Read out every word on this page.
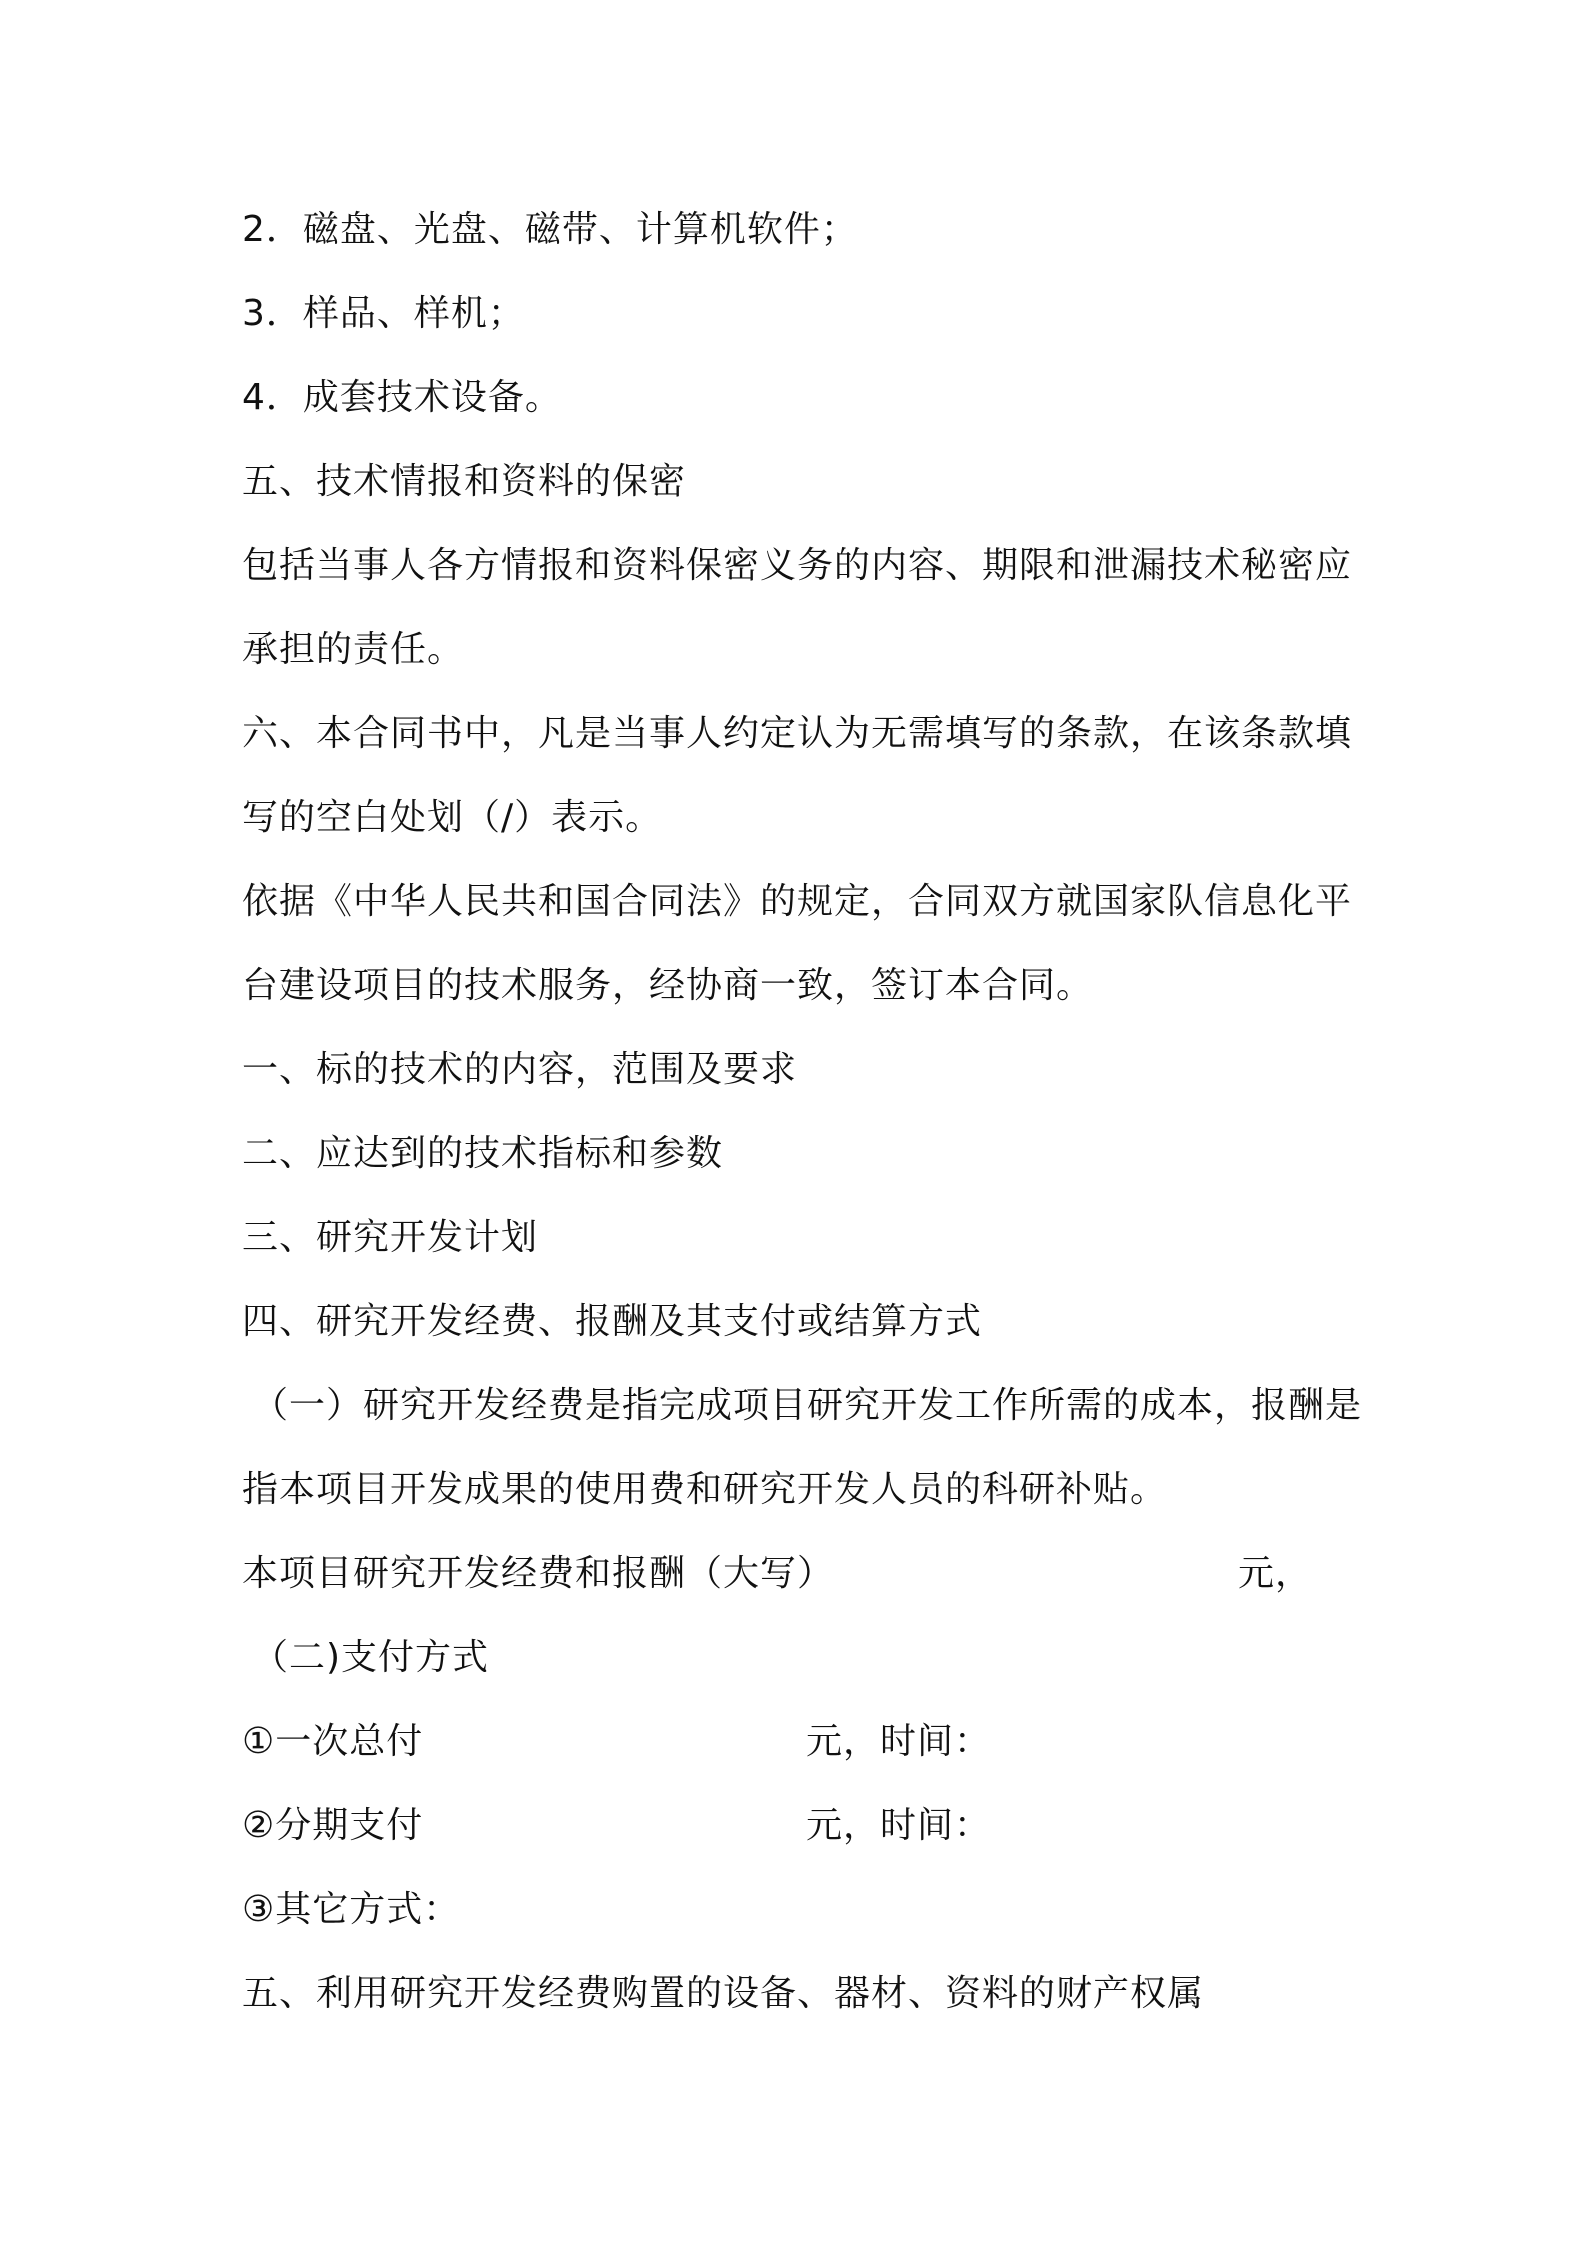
2．磁盘、光盘、磁带、计算机软件；
3．样品、样机；
4．成套技术设备。
五、技术情报和资料的保密
包括当事人各方情报和资料保密义务的内容、期限和泄漏技术秘密应
承担的责任。
六、本合同书中，凡是当事人约定认为无需填写的条款，在该条款填
写的空白处划（/）表示。
依据《中华人民共和国合同法》的规定，合同双方就国家队信息化平
台建设项目的技术服务，经协商一致，签订本合同。
一、标的技术的内容，范围及要求
二、应达到的技术指标和参数
三、研究开发计划
四、研究开发经费、报酬及其支付或结算方式
（一）研究开发经费是指完成项目研究开发工作所需的成本，报酬是
指本项目开发成果的使用费和研究开发人员的科研补贴。
本项目研究开发经费和报酬（大写）	元，
（二)支付方式
①一次总付	元，时间：
②分期支付	元，时间：
③其它方式：
五、利用研究开发经费购置的设备、器材、资料的财产权属
